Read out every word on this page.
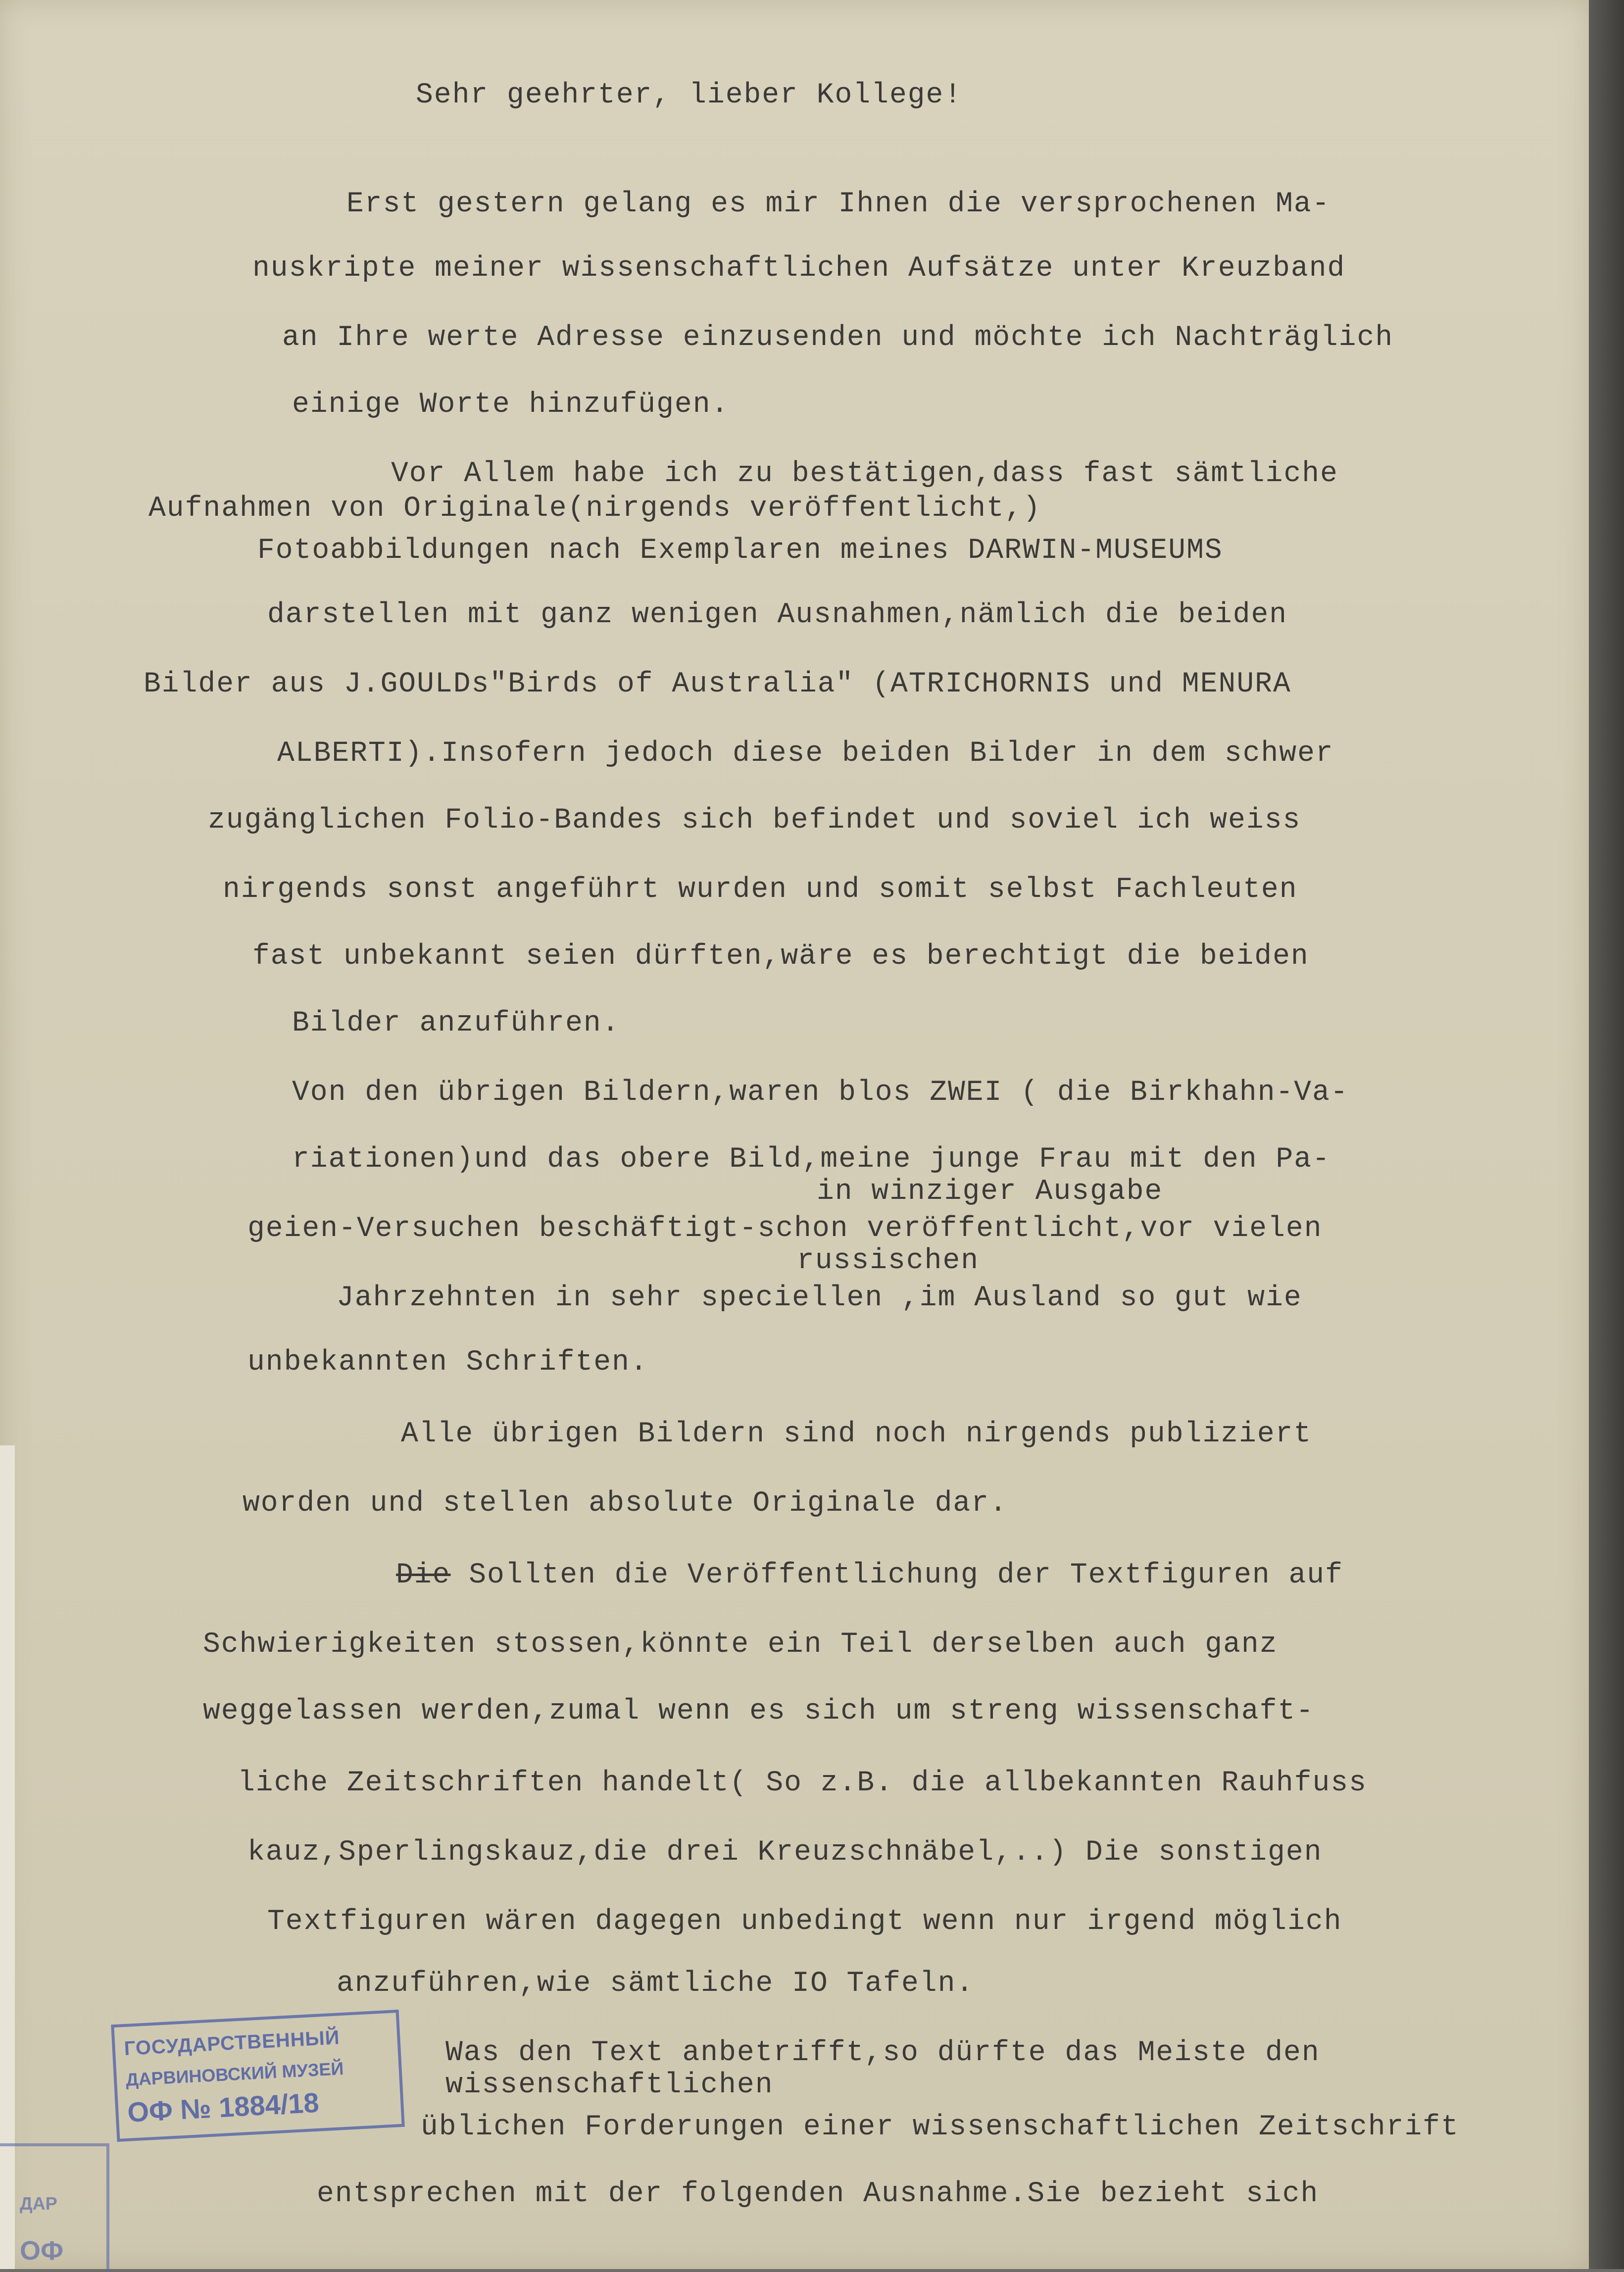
Sehr geehrter, lieber Kollege!
Erst gestern gelang es mir Ihnen die versprochenen Ma-
nuskripte meiner wissenschaftlichen Aufsätze unter Kreuzband
an Ihre werte Adresse einzusenden und möchte ich Nachträglich
einige Worte hinzufügen.
Vor Allem habe ich zu bestätigen,dass fast sämtliche
Aufnahmen von Originale(nirgends veröffentlicht,)
Fotoabbildungen nach Exemplaren meines DARWIN-MUSEUMS
darstellen mit ganz wenigen Ausnahmen,nämlich die beiden
Bilder aus J.GOULDs"Birds of Australia" (ATRICHORNIS und MENURA
ALBERTI).Insofern jedoch diese beiden Bilder in dem schwer
zugänglichen Folio-Bandes sich befindet und soviel ich weiss
nirgends sonst angeführt wurden und somit selbst Fachleuten
fast unbekannt seien dürften,wäre es berechtigt die beiden
Bilder anzuführen.
Von den übrigen Bildern,waren blos ZWEI ( die Birkhahn-Va-
riationen)und das obere Bild,meine junge Frau mit den Pa-
in winziger Ausgabe
geien-Versuchen beschäftigt-schon veröffentlicht,vor vielen
russischen
Jahrzehnten in sehr speciellen ,im Ausland so gut wie
unbekannten Schriften.
Alle übrigen Bildern sind noch nirgends publiziert
worden und stellen absolute Originale dar.
Die Sollten die Veröffentlichung der Textfiguren auf
Schwierigkeiten stossen,könnte ein Teil derselben auch ganz
weggelassen werden,zumal wenn es sich um streng wissenschaft-
liche Zeitschriften handelt( So z.B. die allbekannten Rauhfuss
kauz,Sperlingskauz,die drei Kreuzschnäbel,..) Die sonstigen
Textfiguren wären dagegen unbedingt wenn nur irgend möglich
anzuführen,wie sämtliche IO Tafeln.
Was den Text anbetrifft,so dürfte das Meiste den
wissenschaftlichen
üblichen Forderungen einer wissenschaftlichen Zeitschrift
entsprechen mit der folgenden Ausnahme.Sie bezieht sich
ГОСУДАРСТВЕННЫЙ
ДАРВИНОВСКИЙ МУЗЕЙ
ОФ № 1884/18
ДАР
ОФ
